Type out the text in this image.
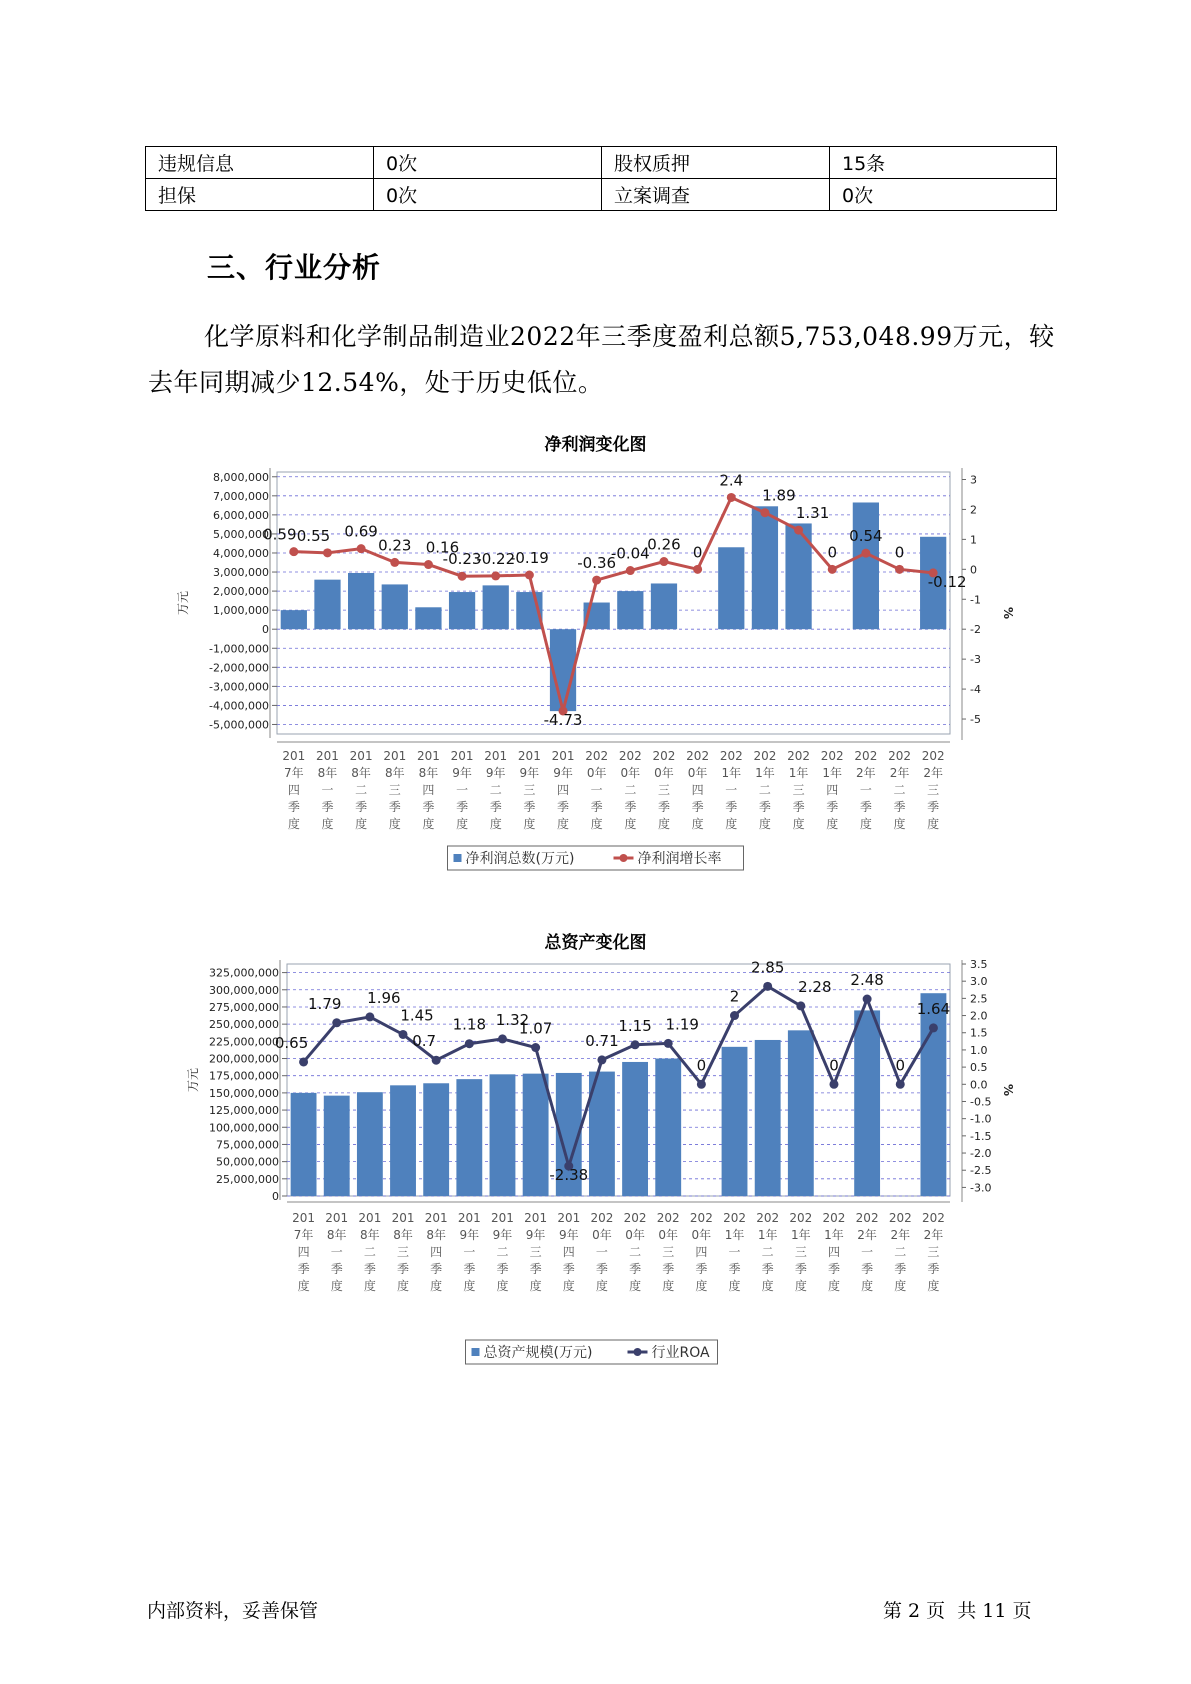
违规信息	0次	股权质押	15条
担保	0次	立案调查	0次
三、行业分析

化学原料和化学制品制造业2022年三季度盈利总额5,753,048.99万元，较去年同期减少12.54%，处于历史低位。

净利润变化图
8,000,000
7,000,000
6,000,000
5,000,000
4,000,000
3,000,000
2,000,000
1,000,000
0
-1,000,000
-2,000,000
-3,000,000
-4,000,000
-5,000,000
3
2
1
0
-1
-2
-3
-4
-5
万元	%
0.59 0.55 0.69
0.23 0.16
-0.23
-0.22
-0.19
-4.73
-0.36
-0.04
0.26 0
2.4
1.89
1.31
0
0.54
0
-0.12
201
7年
四
季
度
201
8年
一
季
度
201
8年
二
季
度
201
8年
三
季
度
201
8年
四
季
度
201
9年
一
季
度
201
9年
二
季
度
201
9年
三
季
度
201
9年
四
季
度
202
0年
一
季
度
202
0年
二
季
度
202
0年
三
季
度
202
0年
四
季
度
202
1年
一
季
度
202
1年
二
季
度
202
1年
三
季
度
202
1年
四
季
度
202
2年
一
季
度
202
2年
二
季
度
202
2年
三
季
度
净利润总数(万元)	净利润增长率
总资产变化图
325,000,000
300,000,000
275,000,000
250,000,000
225,000,000
200,000,000
175,000,000
150,000,000
125,000,000
100,000,000
75,000,000
50,000,000
25,000,000
0
3.5
3.0
2.5
2.0
1.5
1.0
0.5
0.0
-0.5
-1.0
-1.5
-2.0
-2.5
-3.0
万元	%
0.65
1.79 1.96
1.45
0.7
1.18 1.32
1.07
-2.38
0.71
1.15 1.19
0
2
2.85
2.28
0
2.48
0
1.64
201
7年
四
季
度
201
8年
一
季
度
201
8年
二
季
度
201
8年
三
季
度
201
8年
四
季
度
201
9年
一
季
度
201
9年
二
季
度
201
9年
三
季
度
201
9年
四
季
度
202
0年
一
季
度
202
0年
二
季
度
202
0年
三
季
度
202
0年
四
季
度
202
1年
一
季
度
202
1年
二
季
度
202
1年
三
季
度
202
1年
四
季
度
202
2年
一
季
度
202
2年
二
季
度
202
2年
三
季
度
总资产规模(万元)	行业ROA
内部资料，妥善保管	第 2 页  共 11 页
